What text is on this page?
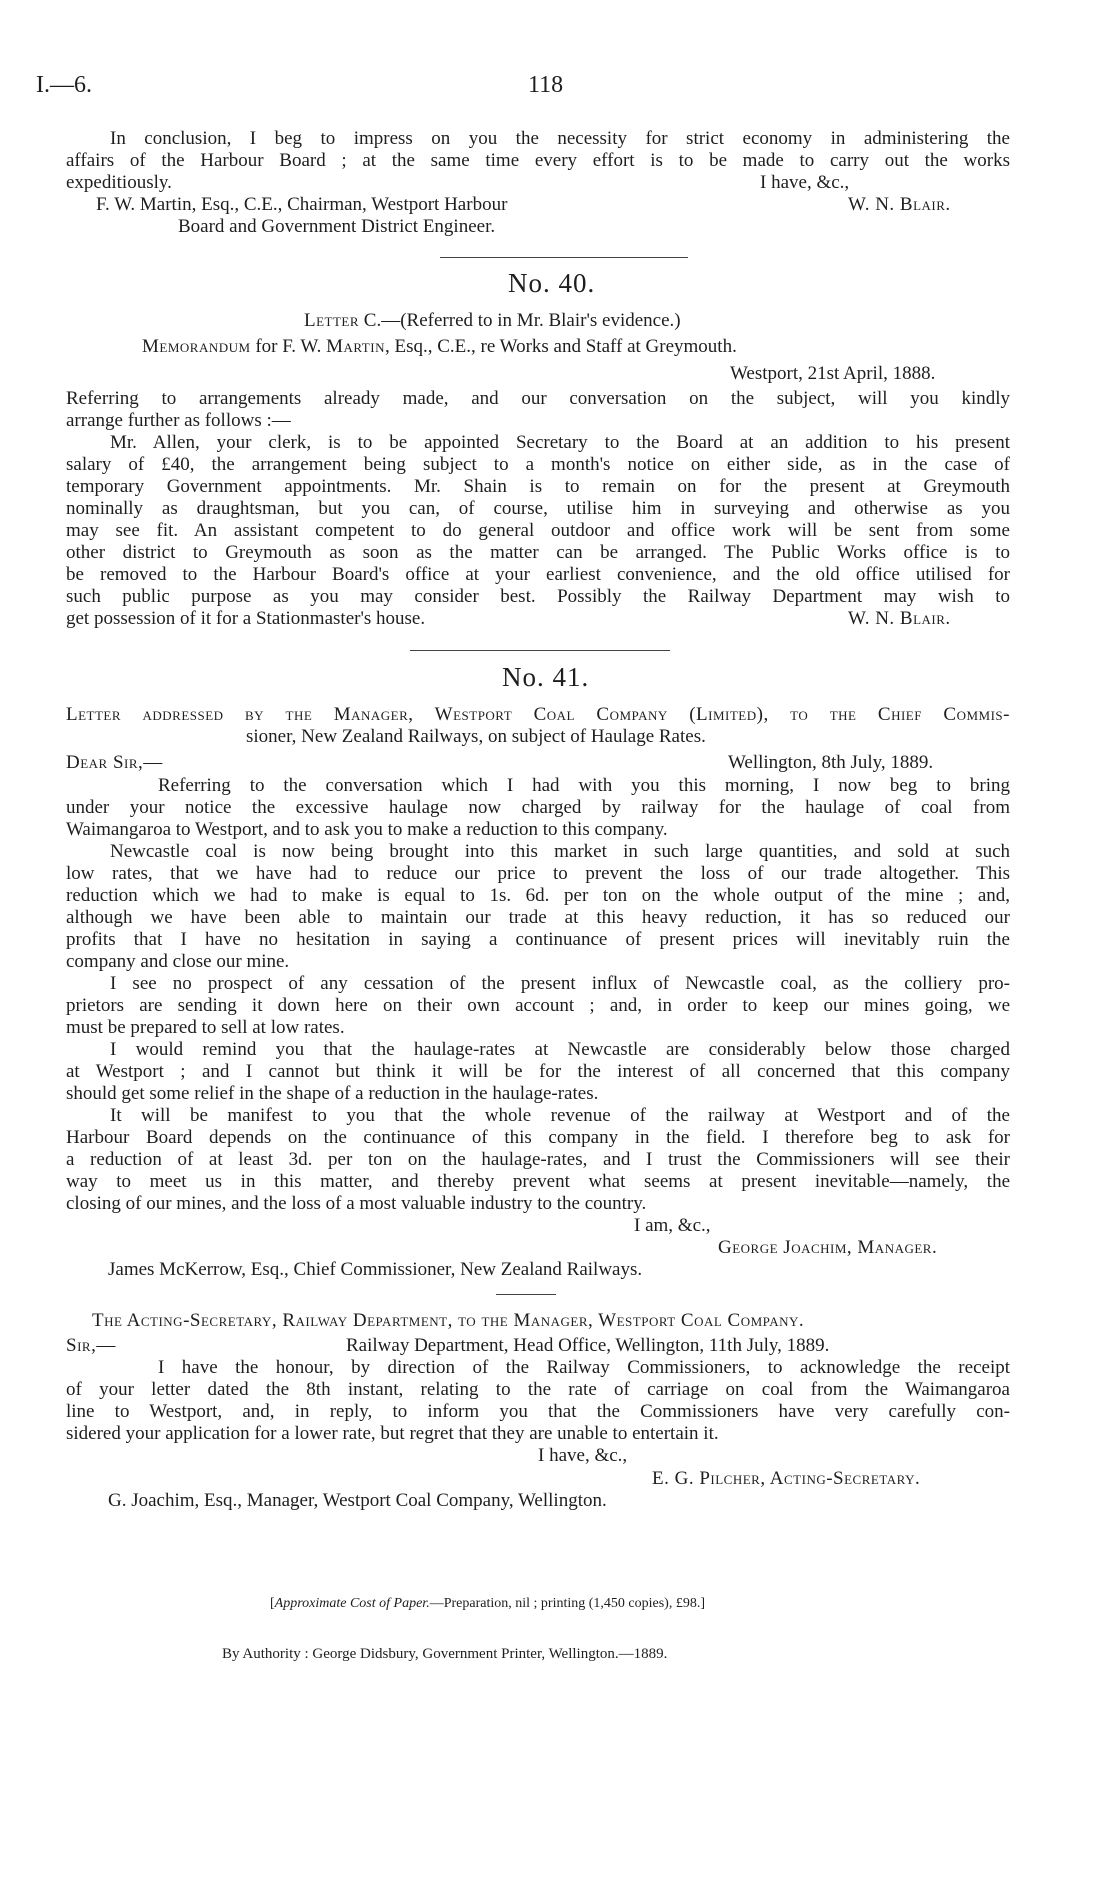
I.—6.	118
In conclusion, I beg to impress on you the necessity for strict economy in administering the
affairs of the Harbour Board ; at the same time every effort is to be made to carry out the works
expeditiously.	I have, &c.,
F. W. Martin, Esq., C.E., Chairman, Westport Harbour	W. N. Blair.
Board and Government District Engineer.
No. 40.
Letter C.—(Referred to in Mr. Blair's evidence.)
Memorandum for F. W. Martin, Esq., C.E., re Works and Staff at Greymouth.
Westport, 21st April, 1888.
Referring to arrangements already made, and our conversation on the subject, will you kindly
arrange further as follows :—
Mr. Allen, your clerk, is to be appointed Secretary to the Board at an addition to his present
salary of £40, the arrangement being subject to a month's notice on either side, as in the case of
temporary Government appointments. Mr. Shain is to remain on for the present at Greymouth
nominally as draughtsman, but you can, of course, utilise him in surveying and otherwise as you
may see fit. An assistant competent to do general outdoor and office work will be sent from some
other district to Greymouth as soon as the matter can be arranged. The Public Works office is to
be removed to the Harbour Board's office at your earliest convenience, and the old office utilised for
such public purpose as you may consider best. Possibly the Railway Department may wish to
get possession of it for a Stationmaster's house.	W. N. Blair.
No. 41.
Letter addressed by the Manager, Westport Coal Company (Limited), to the Chief Commis-
sioner, New Zealand Railways, on subject of Haulage Rates.
Dear Sir,—	Wellington, 8th July, 1889.
Referring to the conversation which I had with you this morning, I now beg to bring
under your notice the excessive haulage now charged by railway for the haulage of coal from
Waimangaroa to Westport, and to ask you to make a reduction to this company.
Newcastle coal is now being brought into this market in such large quantities, and sold at such
low rates, that we have had to reduce our price to prevent the loss of our trade altogether. This
reduction which we had to make is equal to 1s. 6d. per ton on the whole output of the mine ; and,
although we have been able to maintain our trade at this heavy reduction, it has so reduced our
profits that I have no hesitation in saying a continuance of present prices will inevitably ruin the
company and close our mine.
I see no prospect of any cessation of the present influx of Newcastle coal, as the colliery pro-
prietors are sending it down here on their own account ; and, in order to keep our mines going, we
must be prepared to sell at low rates.
I would remind you that the haulage-rates at Newcastle are considerably below those charged
at Westport ; and I cannot but think it will be for the interest of all concerned that this company
should get some relief in the shape of a reduction in the haulage-rates.
It will be manifest to you that the whole revenue of the railway at Westport and of the
Harbour Board depends on the continuance of this company in the field. I therefore beg to ask for
a reduction of at least 3d. per ton on the haulage-rates, and I trust the Commissioners will see their
way to meet us in this matter, and thereby prevent what seems at present inevitable—namely, the
closing of our mines, and the loss of a most valuable industry to the country.
I am, &c.,
George Joachim, Manager.
James McKerrow, Esq., Chief Commissioner, New Zealand Railways.
The Acting-Secretary, Railway Department, to the Manager, Westport Coal Company.
Sir,—	Railway Department, Head Office, Wellington, 11th July, 1889.
I have the honour, by direction of the Railway Commissioners, to acknowledge the receipt
of your letter dated the 8th instant, relating to the rate of carriage on coal from the Waimangaroa
line to Westport, and, in reply, to inform you that the Commissioners have very carefully con-
sidered your application for a lower rate, but regret that they are unable to entertain it.
I have, &c.,
E. G. Pilcher, Acting-Secretary.
G. Joachim, Esq., Manager, Westport Coal Company, Wellington.
[Approximate Cost of Paper.—Preparation, nil ; printing (1,450 copies), £98.]
By Authority : George Didsbury, Government Printer, Wellington.—1889.
